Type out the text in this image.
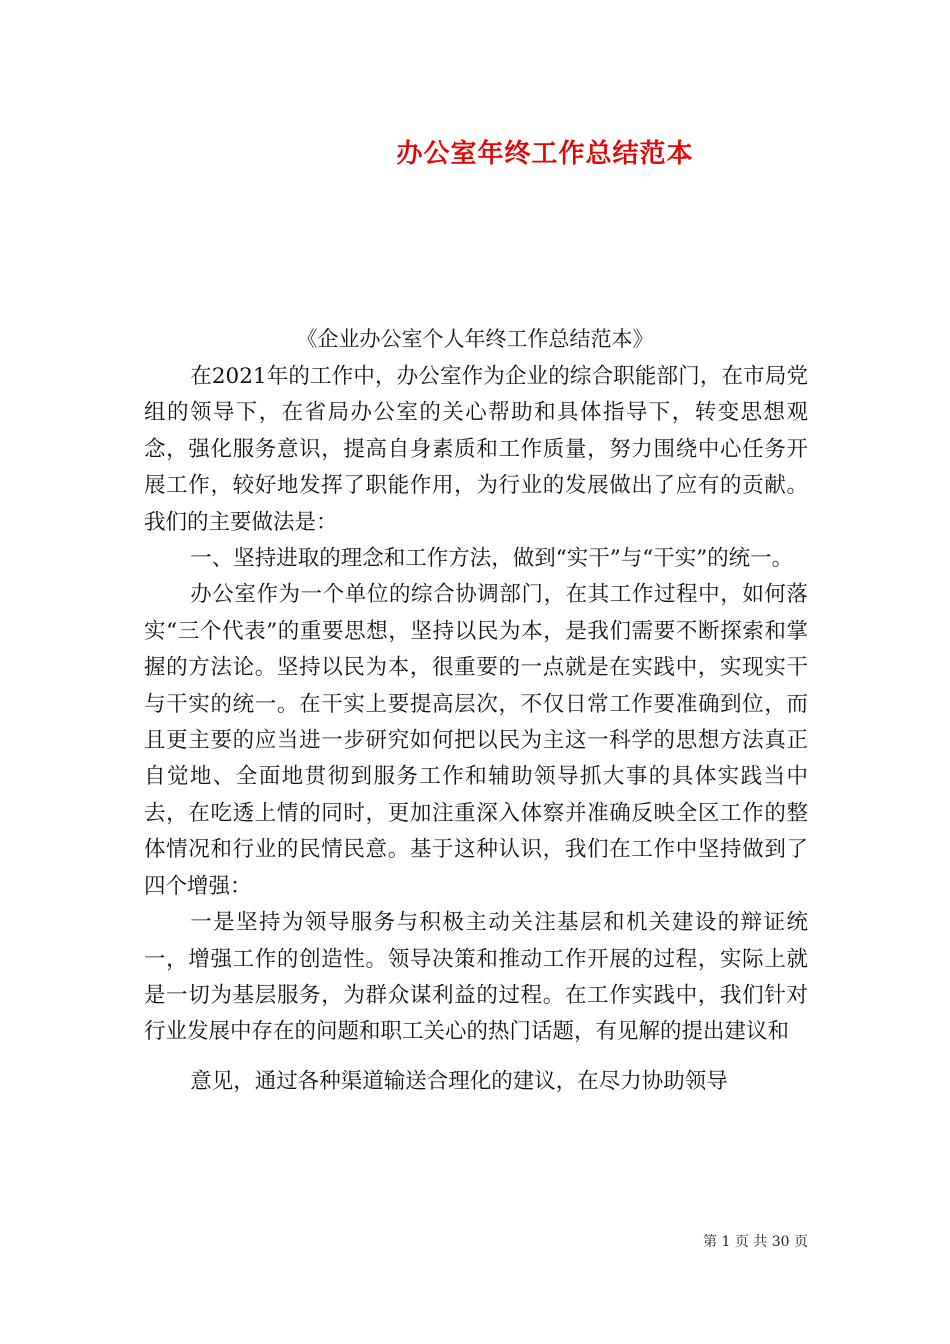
办公室年终工作总结范本
《企业办公室个人年终工作总结范本》

在2021年的工作中，办公室作为企业的综合职能部门，在市局党组的领导下，在省局办公室的关心帮助和具体指导下，转变思想观念，强化服务意识，提高自身素质和工作质量，努力围绕中心任务开展工作，较好地发挥了职能作用，为行业的发展做出了应有的贡献。我们的主要做法是：

一、坚持进取的理念和工作方法，做到“实干”与“干实”的统一。

办公室作为一个单位的综合协调部门，在其工作过程中，如何落实“三个代表”的重要思想，坚持以民为本，是我们需要不断探索和掌握的方法论。坚持以民为本，很重要的一点就是在实践中，实现实干与干实的统一。在干实上要提高层次，不仅日常工作要准确到位，而且更主要的应当进一步研究如何把以民为主这一科学的思想方法真正自觉地、全面地贯彻到服务工作和辅助领导抓大事的具体实践当中去，在吃透上情的同时，更加注重深入体察并准确反映全区工作的整体情况和行业的民情民意。基于这种认识，我们在工作中坚持做到了四个增强：

一是坚持为领导服务与积极主动关注基层和机关建设的辩证统一，增强工作的创造性。领导决策和推动工作开展的过程，实际上就是一切为基层服务，为群众谋利益的过程。在工作实践中，我们针对行业发展中存在的问题和职工关心的热门话题，有见解的提出建议和

意见，通过各种渠道输送合理化的建议，在尽力协助领导

第 1 页 共 30 页
